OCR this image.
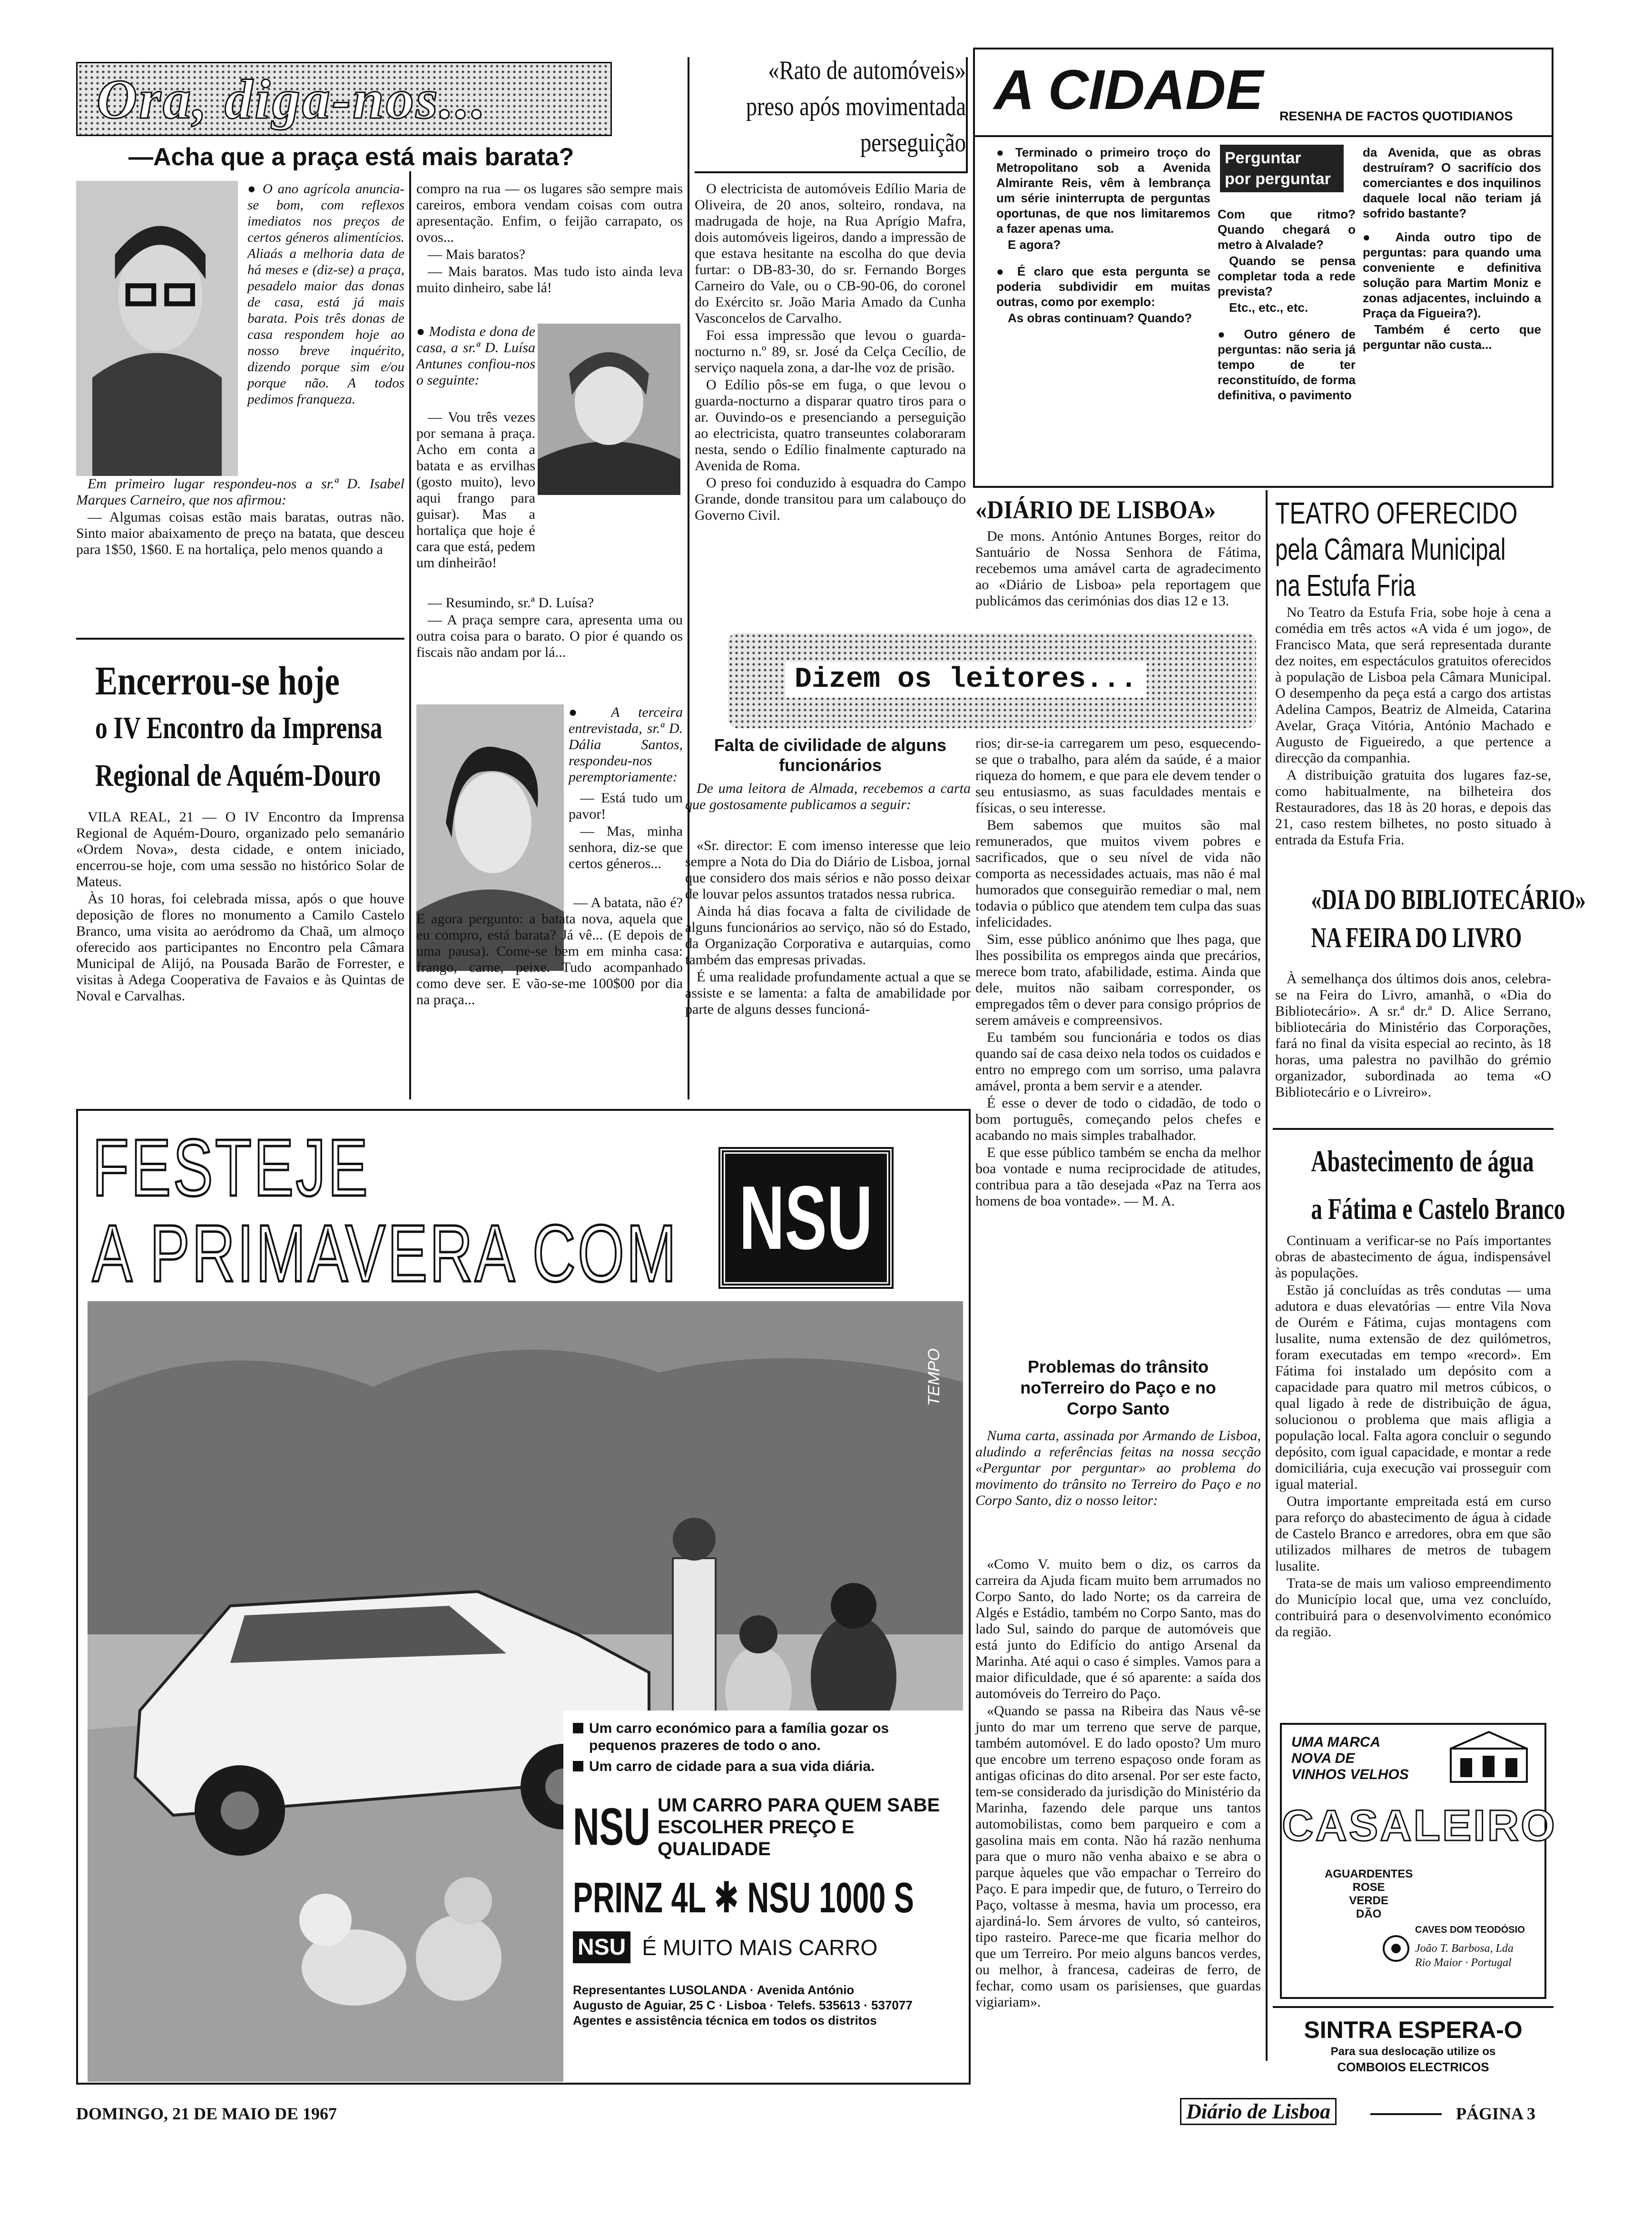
Ora, diga-nos...
—Acha que a praça está mais barata?

● O ano agrícola anuncia-se bom, com reflexos imediatos nos preços de certos géneros alimentícios. Aliaás a melhoria data de há meses e (diz-se) a praça, pesadelo maior das donas de casa, está já mais barata. Pois três donas de casa respondem hoje ao nosso breve inquérito, dizendo porque sim e/ou porque não. A todos pedimos franqueza.

Em primeiro lugar respondeu-nos a sr.ª D. Isabel Marques Carneiro, que nos afirmou:

— Algumas coisas estão mais baratas, outras não. Sinto maior abaixamento de preço na batata, que desceu para 1$50, 1$60. E na hortaliça, pelo menos quando a

Encerrou-se hoje
o IV Encontro da Imprensa
Regional de Aquém-Douro

VILA REAL, 21 — O IV Encontro da Imprensa Regional de Aquém-Douro, organizado pelo semanário «Ordem Nova», desta cidade, e ontem iniciado, encerrou-se hoje, com uma sessão no histórico Solar de Mateus.

Às 10 horas, foi celebrada missa, após o que houve deposição de flores no monumento a Camilo Castelo Branco, uma visita ao aeródromo da Chaã, um almoço oferecido aos participantes no Encontro pela Câmara Municipal de Alijó, na Pousada Barão de Forrester, e visitas à Adega Cooperativa de Favaios e às Quintas de Noval e Carvalhas.

compro na rua — os lugares são sempre mais careiros, embora vendam coisas com outra apresentação. Enfim, o feijão carrapato, os ovos...

— Mais baratos?

— Mais baratos. Mas tudo isto ainda leva muito dinheiro, sabe lá!

● Modista e dona de casa, a sr.ª D. Luísa Antunes confiou-nos o seguinte:

— Vou três vezes por semana à praça. Acho em conta a batata e as ervilhas (gosto muito), levo aqui frango para guisar). Mas a hortaliça que hoje é cara que está, pedem um dinheirão!

— Resumindo, sr.ª D. Luísa?

— A praça sempre cara, apresenta uma ou outra coisa para o barato. O pior é quando os fiscais não andam por lá...

● A terceira entrevistada, sr.ª D. Dália Santos, respondeu-nos peremptoriamente:

— Está tudo um pavor!

— Mas, minha senhora, diz-se que certos géneros...

— A batata, não é? E agora pergunto: a batata nova, aquela que eu compro, está barata? Já vê... (E depois de uma pausa). Come-se bem em minha casa: frango, carne, peixe. Tudo acompanhado como deve ser. E vão-se-me 100$00 por dia na praça...

«Rato de automóveis»
preso após movimentada
perseguição

O electricista de automóveis Edílio Maria de Oliveira, de 20 anos, solteiro, rondava, na madrugada de hoje, na Rua Aprígio Mafra, dois automóveis ligeiros, dando a impressão de que estava hesitante na escolha do que devia furtar: o DB-83-30, do sr. Fernando Borges Carneiro do Vale, ou o CB-90-06, do coronel do Exército sr. João Maria Amado da Cunha Vasconcelos de Carvalho.

Foi essa impressão que levou o guarda-nocturno n.º 89, sr. José da Celça Cecílio, de serviço naquela zona, a dar-lhe voz de prisão.

O Edílio pôs-se em fuga, o que levou o guarda-nocturno a disparar quatro tiros para o ar. Ouvindo-os e presenciando a perseguição ao electricista, quatro transeuntes colaboraram nesta, sendo o Edílio finalmente capturado na Avenida de Roma.

O preso foi conduzido à esquadra do Campo Grande, donde transitou para um calabouço do Governo Civil.

A CIDADE RESENHA DE FACTOS QUOTIDIANOS

● Terminado o primeiro troço do Metropolitano sob a Avenida Almirante Reis, vêm à lembrança um série ininterrupta de perguntas oportunas, de que nos limitaremos a fazer apenas uma.

E agora?

● É claro que esta pergunta se poderia subdividir em muitas outras, como por exemplo:

As obras continuam? Quando?

Perguntar
por perguntar

Com que ritmo? Quando chegará o metro à Alvalade?

Quando se pensa completar toda a rede prevista?

Etc., etc., etc.

● Outro género de perguntas: não seria já tempo de ter reconstituído, de forma definitiva, o pavimento

da Avenida, que as obras destruíram? O sacrifício dos comerciantes e dos inquilinos daquele local não teriam já sofrido bastante?

● Ainda outro tipo de perguntas: para quando uma conveniente e definitiva solução para Martim Moniz e zonas adjacentes, incluindo a Praça da Figueira?).

Também é certo que perguntar não custa...

«DIÁRIO DE LISBOA»

De mons. António Antunes Borges, reitor do Santuário de Nossa Senhora de Fátima, recebemos uma amável carta de agradecimento ao «Diário de Lisboa» pela reportagem que publicámos das cerimónias dos dias 12 e 13.

Dizem os leitores...
Falta de civilidade de alguns funcionários

De uma leitora de Almada, recebemos a carta que gostosamente publicamos a seguir:

«Sr. director: E com imenso interesse que leio sempre a Nota do Dia do Diário de Lisboa, jornal que considero dos mais sérios e não posso deixar de louvar pelos assuntos tratados nessa rubrica.

Ainda há dias focava a falta de civilidade de alguns funcionários ao serviço, não só do Estado, da Organização Corporativa e autarquias, como também das empresas privadas.

É uma realidade profundamente actual a que se assiste e se lamenta: a falta de amabilidade por parte de alguns desses funcioná-

rios; dir-se-ia carregarem um peso, esquecendo-se que o trabalho, para além da saúde, é a maior riqueza do homem, e que para ele devem tender o seu entusiasmo, as suas faculdades mentais e físicas, o seu interesse.

Bem sabemos que muitos são mal remunerados, que muitos vivem pobres e sacrificados, que o seu nível de vida não comporta as necessidades actuais, mas não é mal humorados que conseguirão remediar o mal, nem todavia o público que atendem tem culpa das suas infelicidades.

Sim, esse público anónimo que lhes paga, que lhes possibilita os empregos ainda que precários, merece bom trato, afabilidade, estima. Ainda que dele, muitos não saibam corresponder, os empregados têm o dever para consigo próprios de serem amáveis e compreensivos.

Eu também sou funcionária e todos os dias quando saí de casa deixo nela todos os cuidados e entro no emprego com um sorriso, uma palavra amável, pronta a bem servir e a atender.

É esse o dever de todo o cidadão, de todo o bom português, começando pelos chefes e acabando no mais simples trabalhador.

E que esse público também se encha da melhor boa vontade e numa reciprocidade de atitudes, contribua para a tão desejada «Paz na Terra aos homens de boa vontade». — M. A.

Problemas do trânsito noTerreiro do Paço e no Corpo Santo

Numa carta, assinada por Armando de Lisboa, aludindo a referências feitas na nossa secção «Perguntar por perguntar» ao problema do movimento do trânsito no Terreiro do Paço e no Corpo Santo, diz o nosso leitor:

«Como V. muito bem o diz, os carros da carreira da Ajuda ficam muito bem arrumados no Corpo Santo, do lado Norte; os da carreira de Algés e Estádio, também no Corpo Santo, mas do lado Sul, saindo do parque de automóveis que está junto do Edifício do antigo Arsenal da Marinha. Até aqui o caso é simples. Vamos para a maior dificuldade, que é só aparente: a saída dos automóveis do Terreiro do Paço.

«Quando se passa na Ribeira das Naus vê-se junto do mar um terreno que serve de parque, também automóvel. E do lado oposto? Um muro que encobre um terreno espaçoso onde foram as antigas oficinas do dito arsenal. Por ser este facto, tem-se considerado da jurisdição do Ministério da Marinha, fazendo dele parque uns tantos automobilistas, como bem parqueiro e com a gasolina mais em conta. Não há razão nenhuma para que o muro não venha abaixo e se abra o parque àqueles que vão empachar o Terreiro do Paço. E para impedir que, de futuro, o Terreiro do Paço, voltasse à mesma, havia um processo, era ajardiná-lo. Sem árvores de vulto, só canteiros, tipo rasteiro. Parece-me que ficaria melhor do que um Terreiro. Por meio alguns bancos verdes, ou melhor, à francesa, cadeiras de ferro, de fechar, como usam os parisienses, que guardas vigiariam».

TEATRO OFERECIDO
pela Câmara Municipal
na Estufa Fria

No Teatro da Estufa Fria, sobe hoje à cena a comédia em três actos «A vida é um jogo», de Francisco Mata, que será representada durante dez noites, em espectáculos gratuitos oferecidos à população de Lisboa pela Câmara Municipal. O desempenho da peça está a cargo dos artistas Adelina Campos, Beatriz de Almeida, Catarina Avelar, Graça Vitória, António Machado e Augusto de Figueiredo, a que pertence a direcção da companhia.

A distribuição gratuita dos lugares faz-se, como habitualmente, na bilheteira dos Restauradores, das 18 às 20 horas, e depois das 21, caso restem bilhetes, no posto situado à entrada da Estufa Fria.

«DIA DO BIBLIOTECÁRIO»
NA FEIRA DO LIVRO

À semelhança dos últimos dois anos, celebra-se na Feira do Livro, amanhã, o «Dia do Bibliotecário». A sr.ª dr.ª D. Alice Serrano, bibliotecária do Ministério das Corporações, fará no final da visita especial ao recinto, às 18 horas, uma palestra no pavilhão do grémio organizador, subordinada ao tema «O Bibliotecário e o Livreiro».

Abastecimento de água
a Fátima e Castelo Branco

Continuam a verificar-se no País importantes obras de abastecimento de água, indispensável às populações.

Estão já concluídas as três condutas — uma adutora e duas elevatórias — entre Vila Nova de Ourém e Fátima, cujas montagens com lusalite, numa extensão de dez quilómetros, foram executadas em tempo «record». Em Fátima foi instalado um depósito com a capacidade para quatro mil metros cúbicos, o qual ligado à rede de distribuição de água, solucionou o problema que mais afligia a população local. Falta agora concluir o segundo depósito, com igual capacidade, e montar a rede domiciliária, cuja execução vai prosseguir com igual material.

Outra importante empreitada está em curso para reforço do abastecimento de água à cidade de Castelo Branco e arredores, obra em que são utilizados milhares de metros de tubagem lusalite.

Trata-se de mais um valioso empreendimento do Município local que, uma vez concluído, contribuirá para o desenvolvimento económico da região.

UMA MARCA
NOVA DE
VINHOS VELHOS
CASALEIRO
AGUARDENTES
ROSE
VERDE
DÃO
CAVES DOM TEODÓSIO
João T. Barbosa, Lda
Rio Maior · Portugal
SINTRA ESPERA-O
Para sua deslocação utilize os
COMBOIOS ELECTRICOS
FESTEJE
A PRIMAVERA COM NSU
TEMPO
Um carro económico para a família gozar os pequenos prazeres de todo o ano.
Um carro de cidade para a sua vida diária.
NSU UM CARRO PARA QUEM SABE
ESCOLHER PREÇO E QUALIDADE
PRINZ 4L ✱ NSU 1000 S
NSU É MUITO MAIS CARRO
Representantes LUSOLANDA · Avenida António
Augusto de Aguiar, 25 C · Lisboa · Telefs. 535613 · 537077
Agentes e assistência técnica em todos os distritos
DOMINGO, 21 DE MAIO DE 1967	Diário de Lisboa	PÁGINA 3
